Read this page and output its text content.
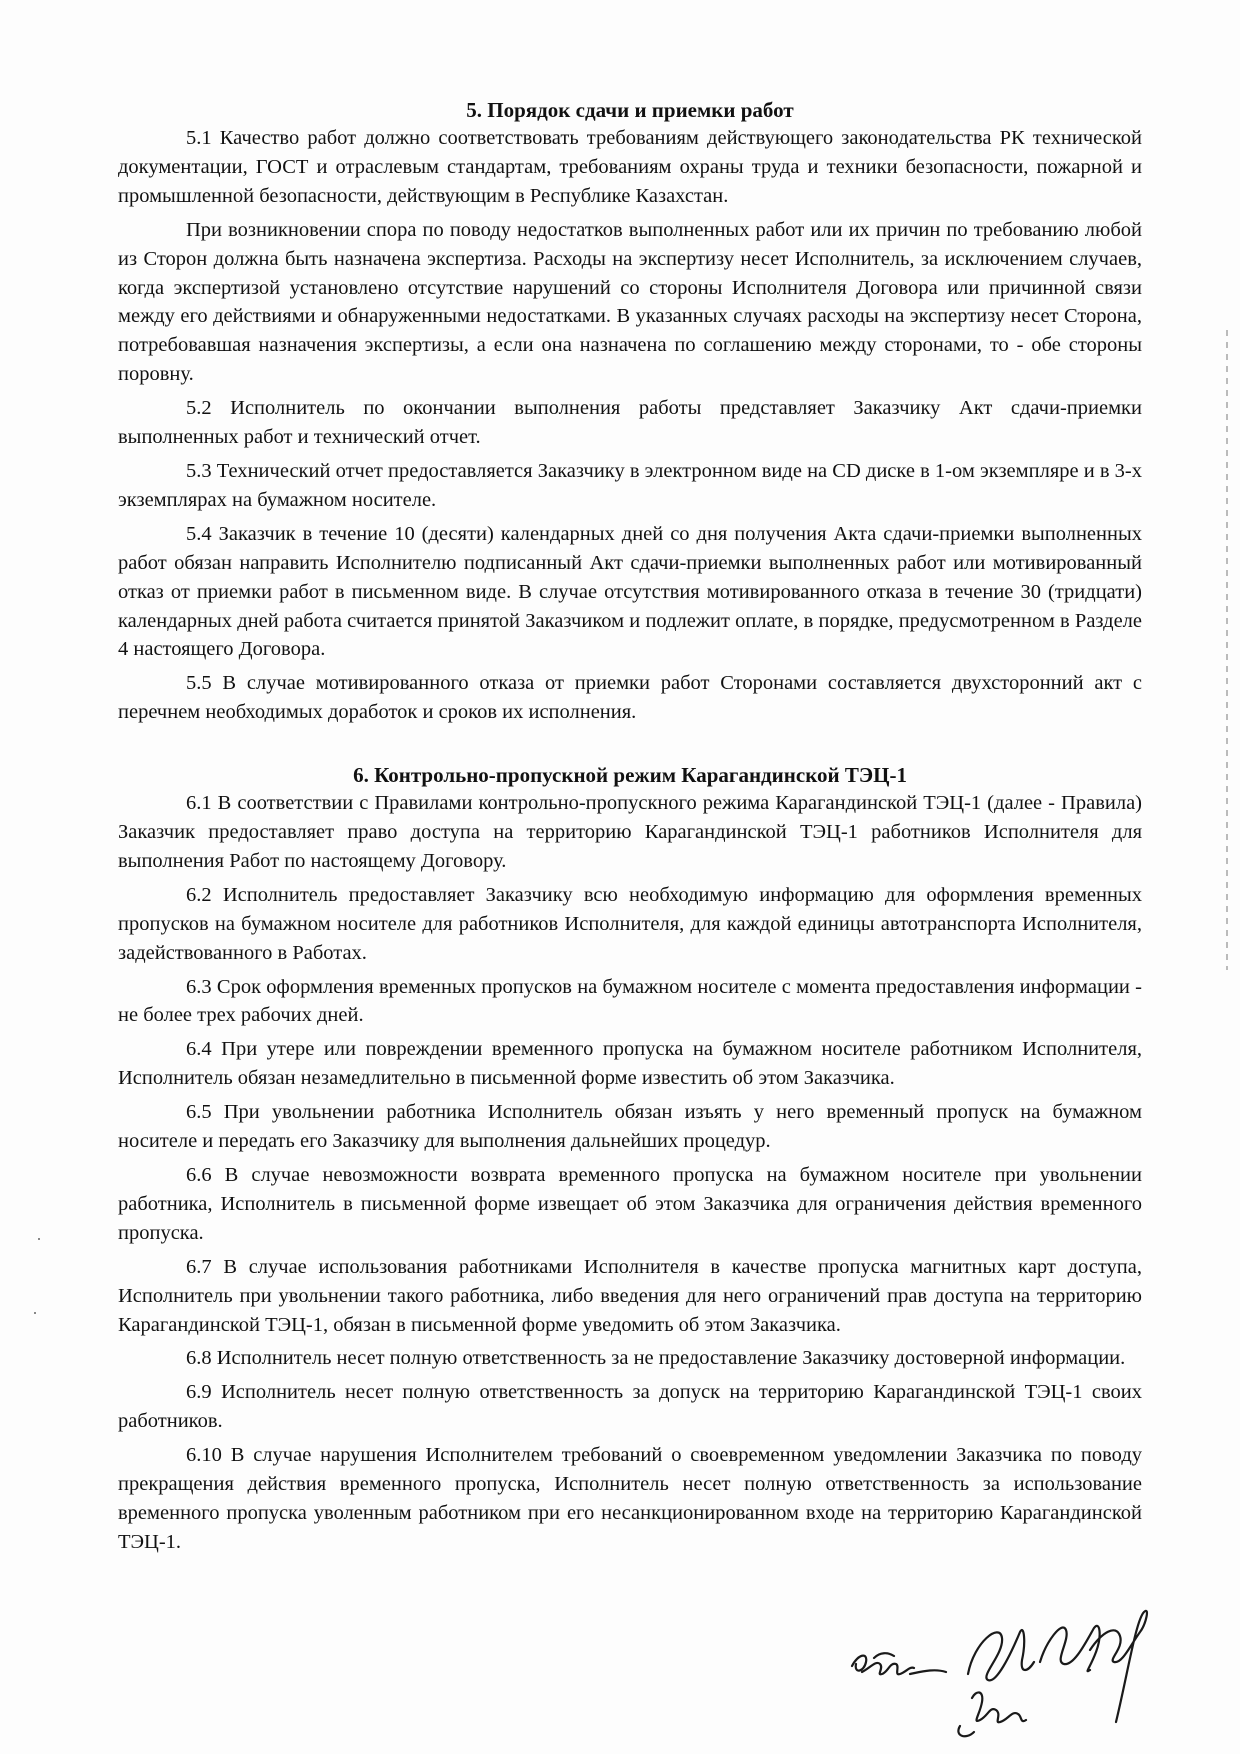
5. Порядок сдачи и приемки работ

5.1 Качество работ должно соответствовать требованиям действующего законодательства РК технической документации, ГОСТ и отраслевым стандартам, требованиям охраны труда и техники безопасности, пожарной и промышленной безопасности, действующим в Республике Казахстан.

При возникновении спора по поводу недостатков выполненных работ или их причин по требованию любой из Сторон должна быть назначена экспертиза. Расходы на экспертизу несет Исполнитель, за исключением случаев, когда экспертизой установлено отсутствие нарушений со стороны Исполнителя Договора или причинной связи между его действиями и обнаруженными недостатками. В указанных случаях расходы на экспертизу несет Сторона, потребовавшая назначения экспертизы, а если она назначена по соглашению между сторонами, то - обе стороны поровну.

5.2 Исполнитель по окончании выполнения работы представляет Заказчику Акт сдачи-приемки выполненных работ и технический отчет.

5.3 Технический отчет предоставляется Заказчику в электронном виде на CD диске в 1-ом экземпляре и в 3-х экземплярах на бумажном носителе.

5.4 Заказчик в течение 10 (десяти) календарных дней со дня получения Акта сдачи-приемки выполненных работ обязан направить Исполнителю подписанный Акт сдачи-приемки выполненных работ или мотивированный отказ от приемки работ в письменном виде. В случае отсутствия мотивированного отказа в течение 30 (тридцати) календарных дней работа считается принятой Заказчиком и подлежит оплате, в порядке, предусмотренном в Разделе 4 настоящего Договора.

5.5 В случае мотивированного отказа от приемки работ Сторонами составляется двухсторонний акт с перечнем необходимых доработок и сроков их исполнения.

6. Контрольно-пропускной режим Карагандинской ТЭЦ-1

6.1 В соответствии с Правилами контрольно-пропускного режима Карагандинской ТЭЦ-1 (далее - Правила) Заказчик предоставляет право доступа на территорию Карагандинской ТЭЦ-1 работников Исполнителя для выполнения Работ по настоящему Договору.

6.2 Исполнитель предоставляет Заказчику всю необходимую информацию для оформления временных пропусков на бумажном носителе для работников Исполнителя, для каждой единицы автотранспорта Исполнителя, задействованного в Работах.

6.3 Срок оформления временных пропусков на бумажном носителе с момента предоставления информации - не более трех рабочих дней.

6.4 При утере или повреждении временного пропуска на бумажном носителе работником Исполнителя, Исполнитель обязан незамедлительно в письменной форме известить об этом Заказчика.

6.5 При увольнении работника Исполнитель обязан изъять у него временный пропуск на бумажном носителе и передать его Заказчику для выполнения дальнейших процедур.

6.6 В случае невозможности возврата временного пропуска на бумажном носителе при увольнении работника, Исполнитель в письменной форме извещает об этом Заказчика для ограничения действия временного пропуска.

6.7 В случае использования работниками Исполнителя в качестве пропуска магнитных карт доступа, Исполнитель при увольнении такого работника, либо введения для него ограничений прав доступа на территорию Карагандинской ТЭЦ-1, обязан в письменной форме уведомить об этом Заказчика.

6.8 Исполнитель несет полную ответственность за не предоставление Заказчику достоверной информации.

6.9 Исполнитель несет полную ответственность за допуск на территорию Карагандинской ТЭЦ-1 своих работников.

6.10 В случае нарушения Исполнителем требований о своевременном уведомлении Заказчика по поводу прекращения действия временного пропуска, Исполнитель несет полную ответственность за использование временного пропуска уволенным работником при его несанкционированном входе на территорию Карагандинской ТЭЦ-1.
